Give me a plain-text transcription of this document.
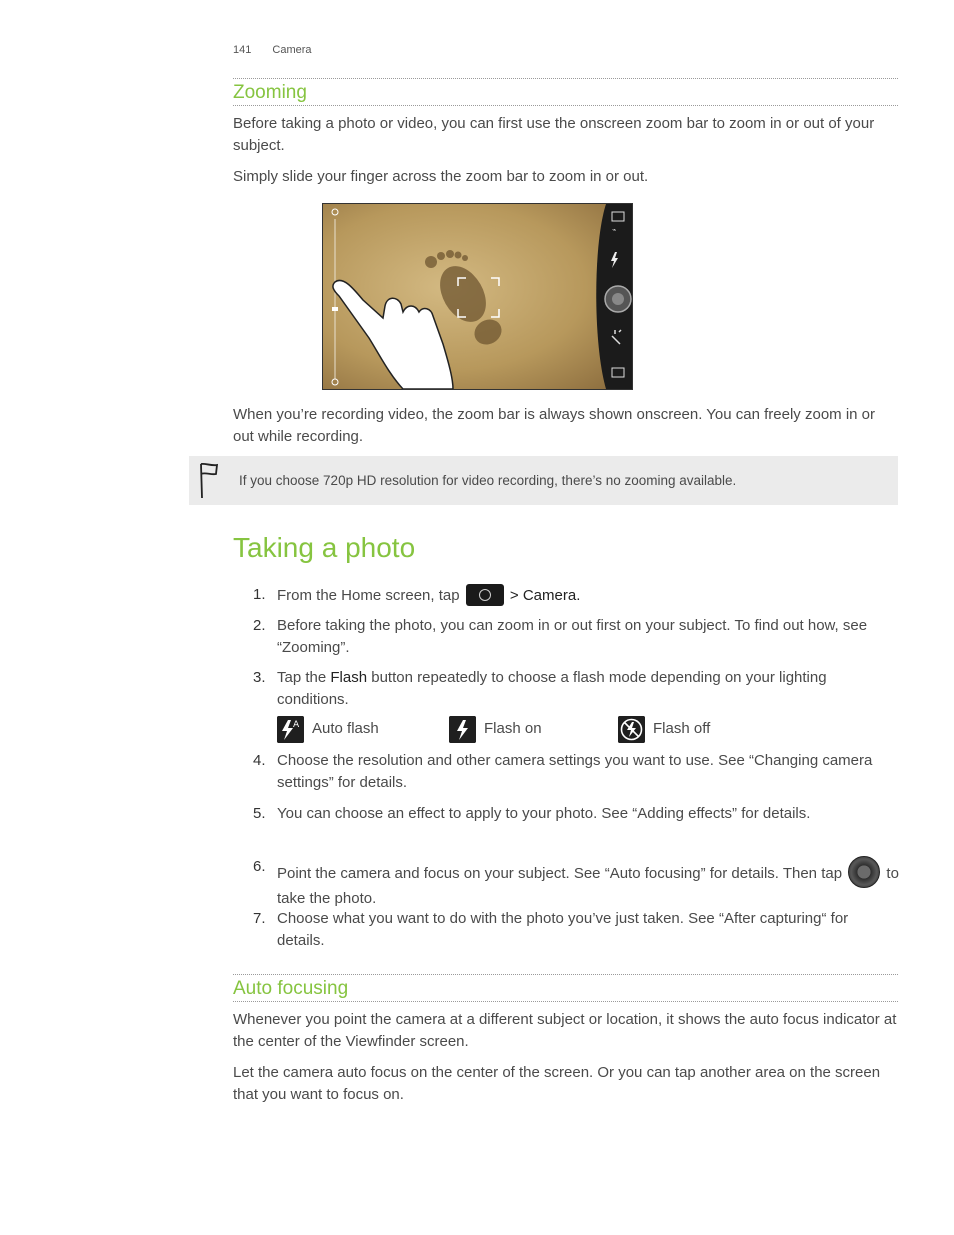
141 Camera
Zooming

Before taking a photo or video, you can first use the onscreen zoom bar to zoom in or out of your subject.

Simply slide your finger across the zoom bar to zoom in or out.

⌁

When you’re recording video, the zoom bar is always shown onscreen. You can freely zoom in or out while recording.

If you choose 720p HD resolution for video recording, there’s no zooming available.
Taking a photo
1. From the Home screen, tap	> Camera.
2. Before taking the photo, you can zoom in or out first on your subject. To find out how, see “Zooming”.
3. Tap the Flash button repeatedly to choose a flash mode depending on your lighting conditions.
A Auto flash	Flash on	Flash off
4. Choose the resolution and other camera settings you want to use. See “Changing camera settings” for details.
5. You can choose an effect to apply to your photo. See “Adding effects” for details.
6. Point the camera and focus on your subject. See “Auto focusing” for details. Then tap	to take the photo.
7. Choose what you want to do with the photo you’ve just taken. See “After capturing“ for details.
Auto focusing

Whenever you point the camera at a different subject or location, it shows the auto focus indicator at the center of the Viewfinder screen.

Let the camera auto focus on the center of the screen. Or you can tap another area on the screen that you want to focus on.
